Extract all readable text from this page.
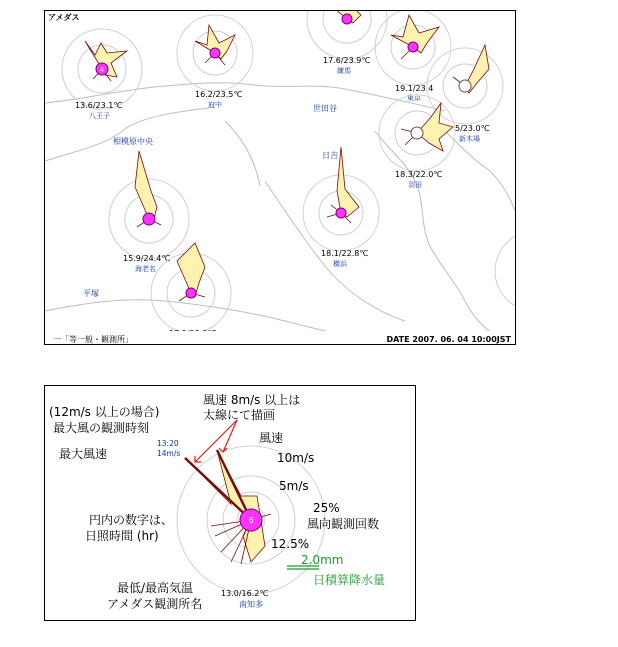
アメダス
相模原中央
世田谷
日吉
平塚
4
13.6/23.1℃
八王子
16.2/23.5℃
府中
17.6/23.9℃
練馬
19.1/23.4
東京
5/23.0℃
新木場
18.3/22.0℃
羽田
18.1/22.8℃
横浜
15.9/24.4℃
海老名
一「等一般・観測所」	DATE 2007. 06. 04 10:00JST
6
(12m/s 以上の場合)
最大風の観測時刻
最大風速
13:20
14m/s
円内の数字は、
日照時間 (hr)
最低/最高気温
アメダス観測所名
風速 8m/s 以上は
太線にて描画
風速
10m/s
5m/s
25%
風向観測回数
12.5%
2.0mm
日積算降水量
13.0/16.2℃
南知多
